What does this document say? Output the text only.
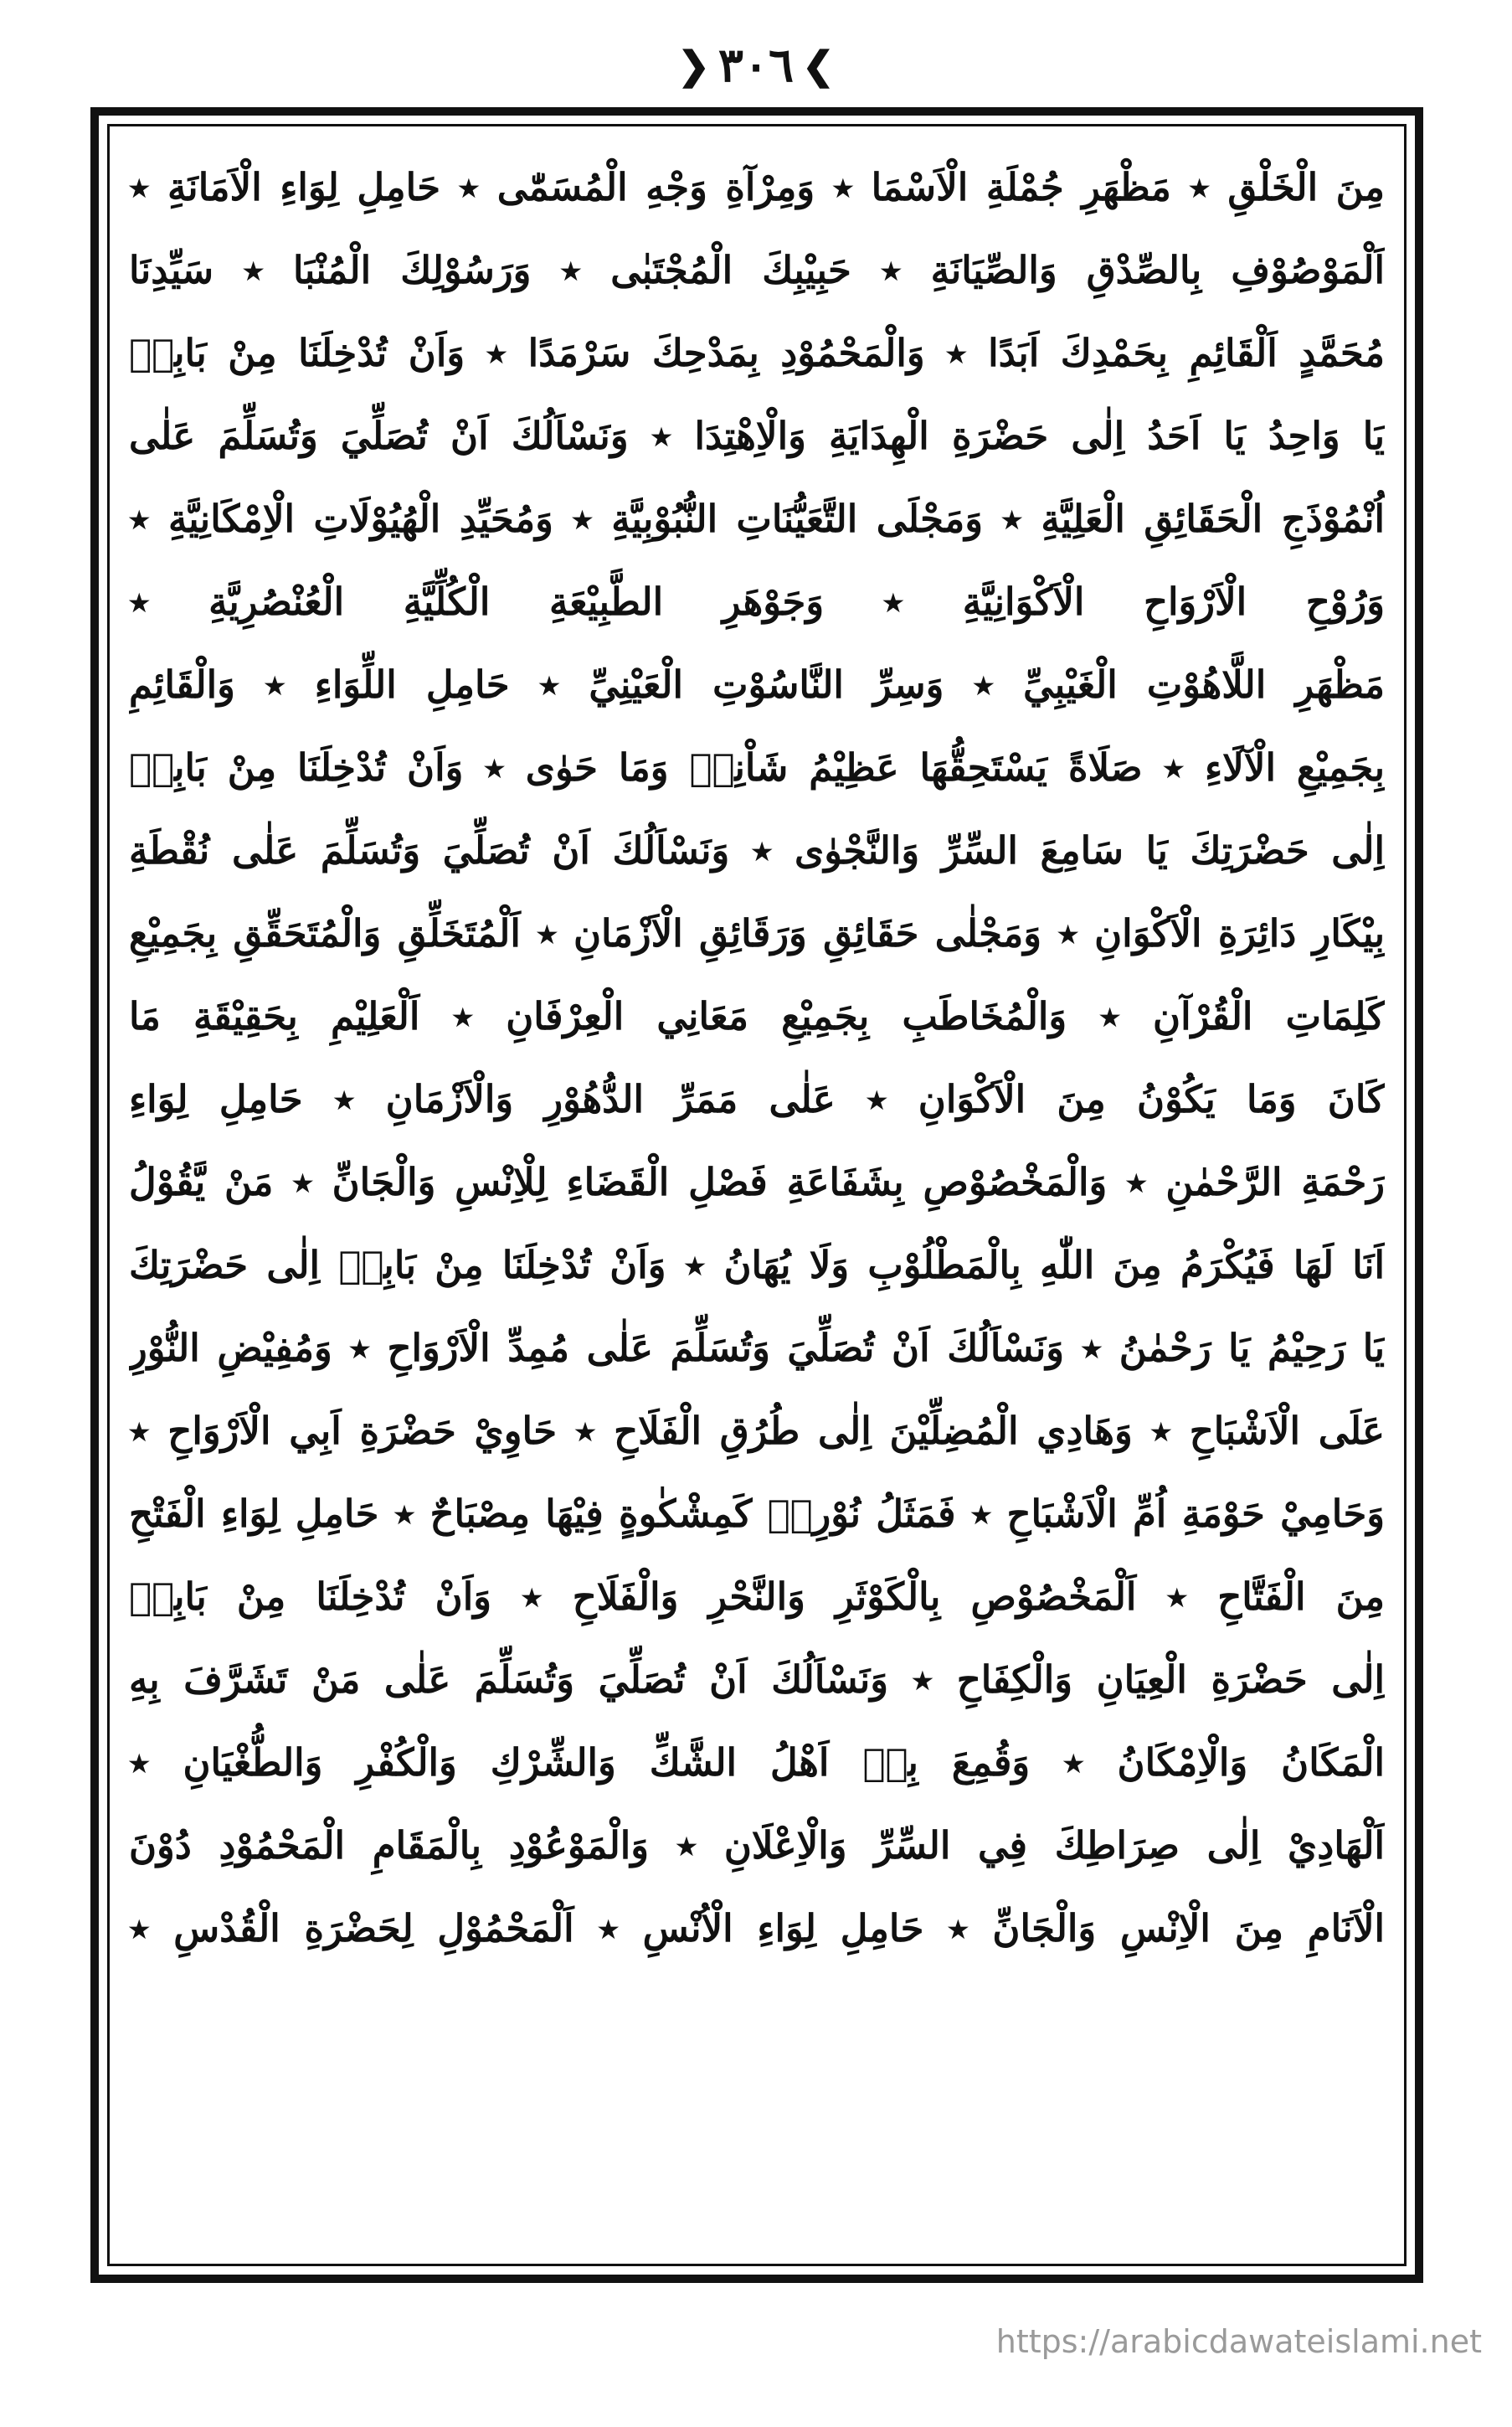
❯
٣٠٦
❮
مِنَ الْخَلْقِ ٭ مَظْهَرِ جُمْلَةِ الْاَسْمَا ٭ وَمِرْآةِ وَجْهِ الْمُسَمّٰى ٭ حَامِلِ لِوَاءِ الْاَمَانَةِ ٭
اَلْمَوْصُوْفِ بِالصِّدْقِ وَالصِّيَانَةِ ٭ حَبِيْبِكَ الْمُجْتَبٰى ٭ وَرَسُوْلِكَ الْمُنْبَا ٭ سَيِّدِنَا
مُحَمَّدٍ اَلْقَائِمِ بِحَمْدِكَ اَبَدًا ٭ وَالْمَحْمُوْدِ بِمَدْحِكَ سَرْمَدًا ٭ وَاَنْ تُدْخِلَنَا مِنْ بَابِهٖ
يَا وَاحِدُ يَا اَحَدُ اِلٰى حَضْرَةِ الْهِدَايَةِ وَالْاِهْتِدَا ٭ وَنَسْاَلُكَ اَنْ تُصَلِّيَ وَتُسَلِّمَ عَلٰى
اُنْمُوْذَجِ الْحَقَائِقِ الْعَلِيَّةِ ٭ وَمَجْلَى التَّعَيُّنَاتِ النُّبُوْبِيَّةِ ٭ وَمُحَيِّدِ الْهُيُوْلَاتِ الْاِمْكَانِيَّةِ ٭
وَرُوْحِ الْاَرْوَاحِ الْاَكْوَانِيَّةِ ٭ وَجَوْهَرِ الطَّبِيْعَةِ الْكُلِّيَّةِ الْعُنْصُرِيَّةِ ٭
مَظْهَرِ اللَّاهُوْتِ الْغَيْبِيِّ ٭ وَسِرِّ النَّاسُوْتِ الْعَيْنِيِّ ٭ حَامِلِ اللِّوَاءِ ٭ وَالْقَائِمِ
بِجَمِيْعِ الْآلَاءِ ٭ صَلَاةً يَسْتَحِقُّهَا عَظِيْمُ شَاْنِهٖ وَمَا حَوٰى ٭ وَاَنْ تُدْخِلَنَا مِنْ بَابِهٖ
اِلٰى حَضْرَتِكَ يَا سَامِعَ السِّرِّ وَالنَّجْوٰى ٭ وَنَسْاَلُكَ اَنْ تُصَلِّيَ وَتُسَلِّمَ عَلٰى نُقْطَةِ
بِيْكَارِ دَائِرَةِ الْاَكْوَانِ ٭ وَمَجْلٰى حَقَائِقِ وَرَقَائِقِ الْاَزْمَانِ ٭ اَلْمُتَخَلِّقِ وَالْمُتَحَقِّقِ بِجَمِيْعِ
كَلِمَاتِ الْقُرْآنِ ٭ وَالْمُخَاطَبِ بِجَمِيْعِ مَعَانِي الْعِرْفَانِ ٭ اَلْعَلِيْمِ بِحَقِيْقَةِ مَا
كَانَ وَمَا يَكُوْنُ مِنَ الْاَكْوَانِ ٭ عَلٰى مَمَرِّ الدُّهُوْرِ وَالْاَزْمَانِ ٭ حَامِلِ لِوَاءِ
رَحْمَةِ الرَّحْمٰنِ ٭ وَالْمَخْصُوْصِ بِشَفَاعَةِ فَصْلِ الْقَضَاءِ لِلْاِنْسِ وَالْجَانِّ ٭ مَنْ يَّقُوْلُ
اَنَا لَهَا فَيُكْرَمُ مِنَ اللّٰهِ بِالْمَطْلُوْبِ وَلَا يُهَانُ ٭ وَاَنْ تُدْخِلَنَا مِنْ بَابِهٖ اِلٰى حَضْرَتِكَ
يَا رَحِيْمُ يَا رَحْمٰنُ ٭ وَنَسْاَلُكَ اَنْ تُصَلِّيَ وَتُسَلِّمَ عَلٰى مُمِدِّ الْاَرْوَاحِ ٭ وَمُفِيْضِ النُّوْرِ
عَلَى الْاَشْبَاحِ ٭ وَهَادِي الْمُضِلِّيْنَ اِلٰى طُرُقِ الْفَلَاحِ ٭ حَاوِيْ حَضْرَةِ اَبِي الْاَرْوَاحِ ٭
وَحَامِيْ حَوْمَةِ اُمِّ الْاَشْبَاحِ ٭ فَمَثَلُ نُوْرِهٖ كَمِشْكٰوةٍ فِيْهَا مِصْبَاحٌ ٭ حَامِلِ لِوَاءِ الْفَتْحِ
مِنَ الْفَتَّاحِ ٭ اَلْمَخْصُوْصِ بِالْكَوْثَرِ وَالنَّحْرِ وَالْفَلَاحِ ٭ وَاَنْ تُدْخِلَنَا مِنْ بَابِهٖ
اِلٰى حَضْرَةِ الْعِيَانِ وَالْكِفَاحِ ٭ وَنَسْاَلُكَ اَنْ تُصَلِّيَ وَتُسَلِّمَ عَلٰى مَنْ تَشَرَّفَ بِهِ
الْمَكَانُ وَالْاِمْكَانُ ٭ وَقُمِعَ بِهٖ اَهْلُ الشَّكِّ وَالشِّرْكِ وَالْكُفْرِ وَالطُّغْيَانِ ٭
اَلْهَادِيْ اِلٰى صِرَاطِكَ فِي السِّرِّ وَالْاِعْلَانِ ٭ وَالْمَوْعُوْدِ بِالْمَقَامِ الْمَحْمُوْدِ دُوْنَ
الْاَنَامِ مِنَ الْاِنْسِ وَالْجَانِّ ٭ حَامِلِ لِوَاءِ الْاُنْسِ ٭ اَلْمَحْمُوْلِ لِحَضْرَةِ الْقُدْسِ ٭
https://arabicdawateislami.net
